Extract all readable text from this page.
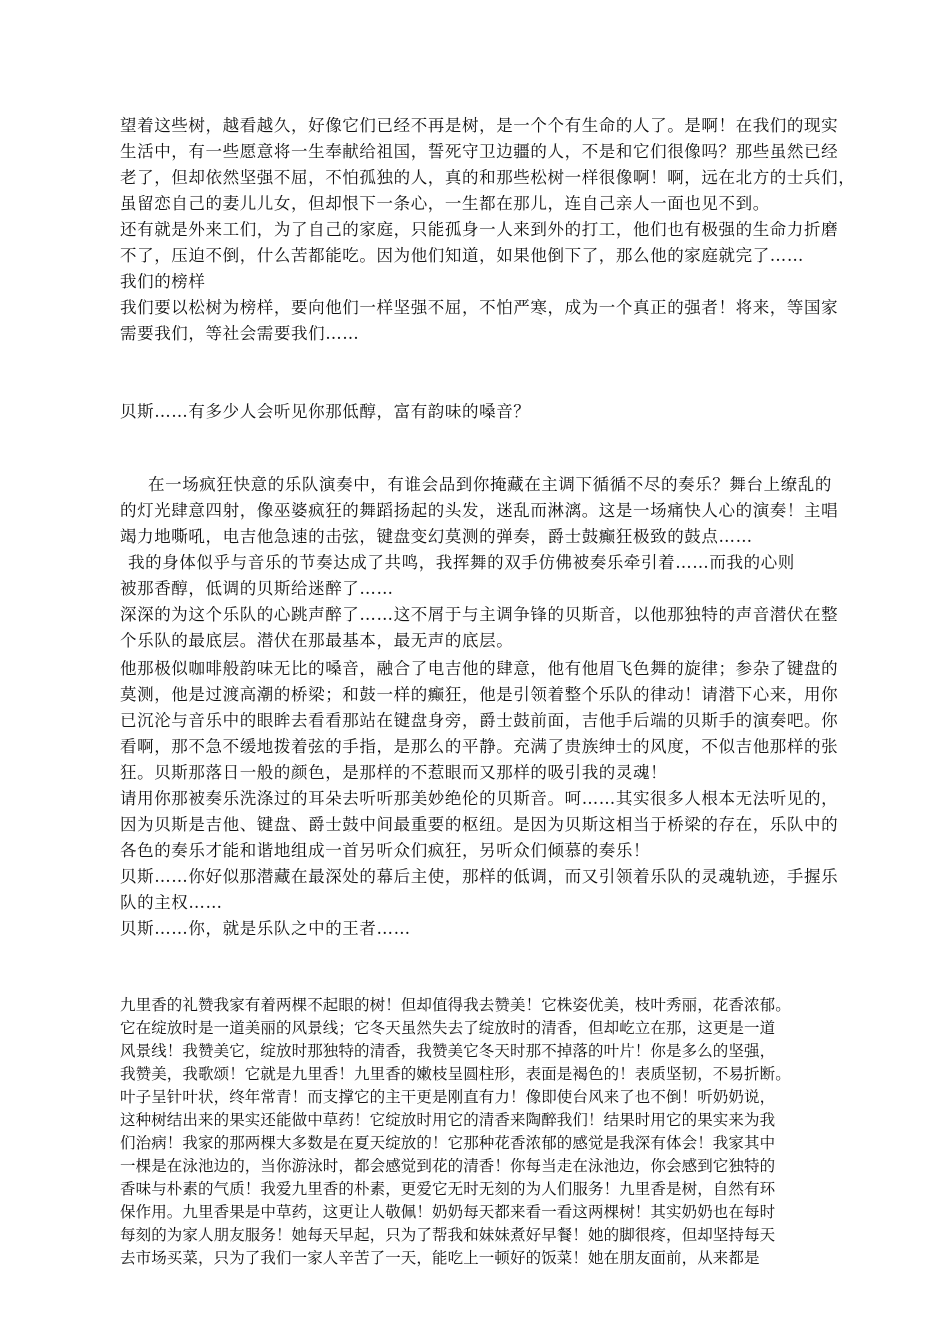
望着这些树，越看越久，好像它们已经不再是树，是一个个有生命的人了。是啊！在我们的现实

生活中，有一些愿意将一生奉献给祖国，誓死守卫边疆的人，不是和它们很像吗？那些虽然已经

老了，但却依然坚强不屈，不怕孤独的人，真的和那些松树一样很像啊！啊，远在北方的士兵们，

虽留恋自己的妻儿儿女，但却恨下一条心，一生都在那儿，连自己亲人一面也见不到。

还有就是外来工们，为了自己的家庭，只能孤身一人来到外的打工，他们也有极强的生命力折磨

不了，压迫不倒，什么苦都能吃。因为他们知道，如果他倒下了，那么他的家庭就完了……

我们的榜样

我们要以松树为榜样，要向他们一样坚强不屈，不怕严寒，成为一个真正的强者！将来，等国家

需要我们，等社会需要我们……

贝斯……有多少人会听见你那低醇，富有韵味的嗓音？

在一场疯狂快意的乐队演奏中，有谁会品到你掩藏在主调下循循不尽的奏乐？舞台上缭乱的

的灯光肆意四射，像巫婆疯狂的舞蹈扬起的头发，迷乱而淋漓。这是一场痛快人心的演奏！主唱

竭力地嘶吼，电吉他急速的击弦，键盘变幻莫测的弹奏，爵士鼓癫狂极致的鼓点……

我的身体似乎与音乐的节奏达成了共鸣，我挥舞的双手仿佛被奏乐牵引着……而我的心则

被那香醇，低调的贝斯给迷醉了……

深深的为这个乐队的心跳声醉了……这不屑于与主调争锋的贝斯音，以他那独特的声音潜伏在整

个乐队的最底层。潜伏在那最基本，最无声的底层。

他那极似咖啡般韵味无比的嗓音，融合了电吉他的肆意，他有他眉飞色舞的旋律；参杂了键盘的

莫测，他是过渡高潮的桥梁；和鼓一样的癫狂，他是引领着整个乐队的律动！请潜下心来，用你

已沉沦与音乐中的眼眸去看看那站在键盘身旁，爵士鼓前面，吉他手后端的贝斯手的演奏吧。你

看啊，那不急不缓地拨着弦的手指，是那么的平静。充满了贵族绅士的风度，不似吉他那样的张

狂。贝斯那落日一般的颜色，是那样的不惹眼而又那样的吸引我的灵魂！

请用你那被奏乐洗涤过的耳朵去听听那美妙绝伦的贝斯音。呵……其实很多人根本无法听见的，

因为贝斯是吉他、键盘、爵士鼓中间最重要的枢纽。是因为贝斯这相当于桥梁的存在，乐队中的

各色的奏乐才能和谐地组成一首另听众们疯狂，另听众们倾慕的奏乐！

贝斯……你好似那潜藏在最深处的幕后主使，那样的低调，而又引领着乐队的灵魂轨迹，手握乐

队的主权……

贝斯……你，就是乐队之中的王者……

九里香的礼赞我家有着两棵不起眼的树！但却值得我去赞美！它株姿优美，枝叶秀丽，花香浓郁。

它在绽放时是一道美丽的风景线；它冬天虽然失去了绽放时的清香，但却屹立在那，这更是一道

风景线！我赞美它，绽放时那独特的清香，我赞美它冬天时那不掉落的叶片！你是多么的坚强，

我赞美，我歌颂！它就是九里香！九里香的嫩枝呈圆柱形，表面是褐色的！表质坚韧，不易折断。

叶子呈针叶状，终年常青！而支撑它的主干更是刚直有力！像即使台风来了也不倒！听奶奶说，

这种树结出来的果实还能做中草药！它绽放时用它的清香来陶醉我们！结果时用它的果实来为我

们治病！我家的那两棵大多数是在夏天绽放的！它那种花香浓郁的感觉是我深有体会！我家其中

一棵是在泳池边的，当你游泳时，都会感觉到花的清香！你每当走在泳池边，你会感到它独特的

香味与朴素的气质！我爱九里香的朴素，更爱它无时无刻的为人们服务！九里香是树，自然有环

保作用。九里香果是中草药，这更让人敬佩！奶奶每天都来看一看这两棵树！其实奶奶也在每时

每刻的为家人朋友服务！她每天早起，只为了帮我和妹妹煮好早餐！她的脚很疼，但却坚持每天

去市场买菜，只为了我们一家人辛苦了一天，能吃上一顿好的饭菜！她在朋友面前，从来都是
